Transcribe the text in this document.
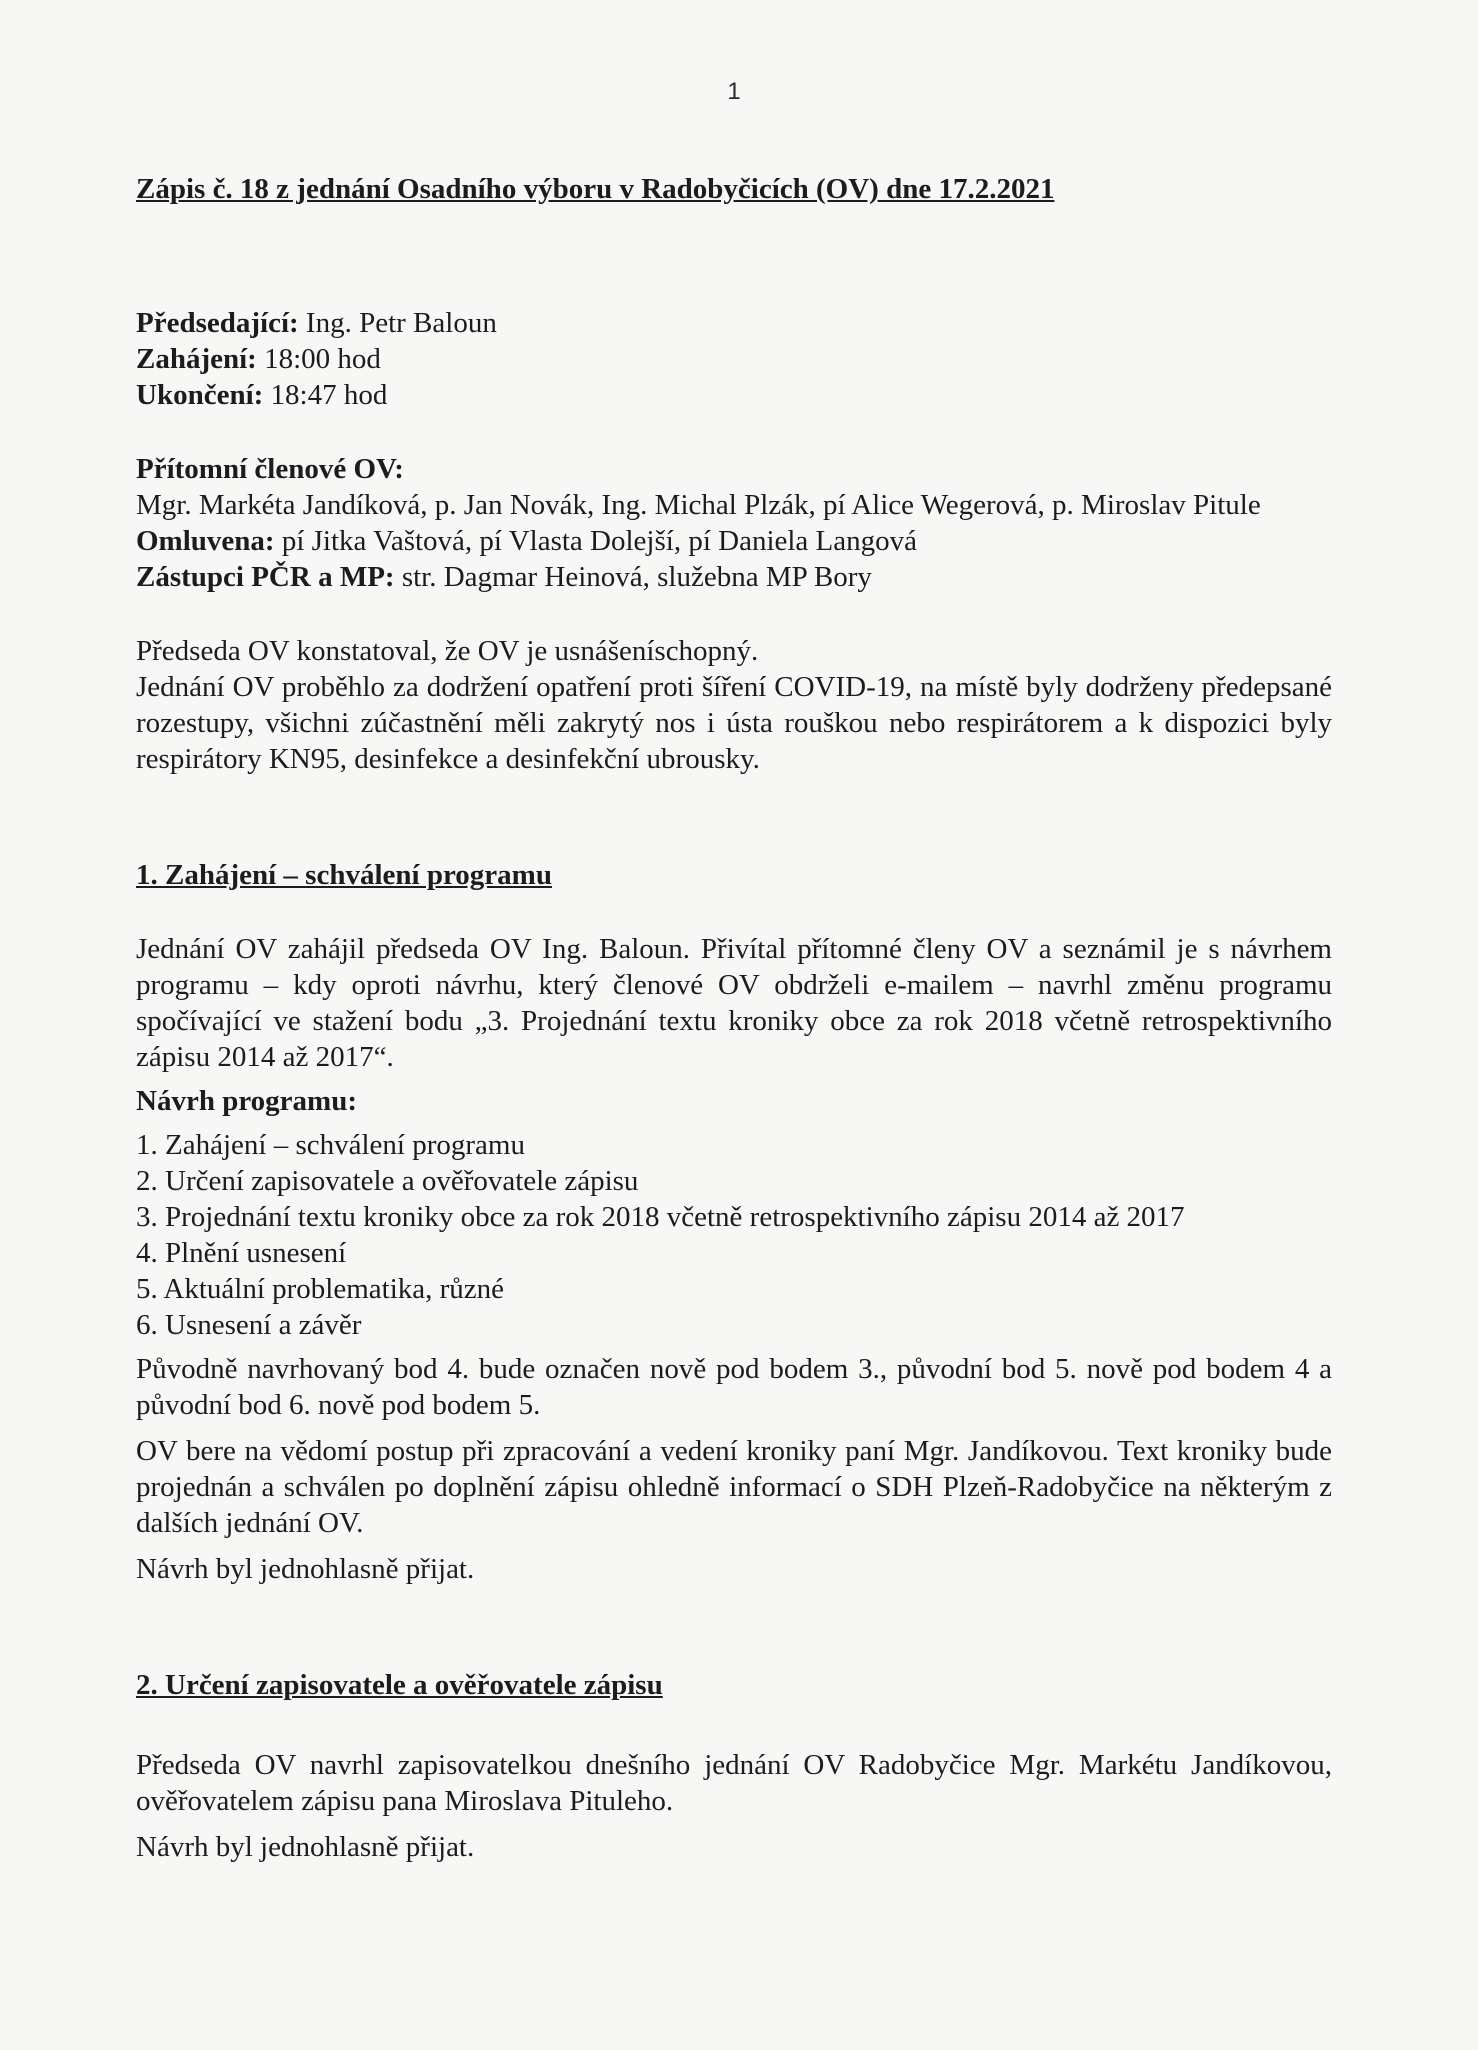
1

Zápis č. 18 z jednání Osadního výboru v Radobyčicích (OV) dne 17.2.2021

Předsedající: Ing. Petr Baloun

Zahájení: 18:00 hod

Ukončení: 18:47 hod

Přítomní členové OV:

Mgr. Markéta Jandíková, p. Jan Novák, Ing. Michal Plzák, pí Alice Wegerová, p. Miroslav Pitule

Omluvena: pí Jitka Vaštová, pí Vlasta Dolejší, pí Daniela Langová

Zástupci PČR a MP: str. Dagmar Heinová, služebna MP Bory

Předseda OV konstatoval, že OV je usnášeníschopný.

Jednání OV proběhlo za dodržení opatření proti šíření COVID-19, na místě byly dodrženy předepsané rozestupy, všichni zúčastnění měli zakrytý nos i ústa rouškou nebo respirátorem a k dispozici byly respirátory KN95, desinfekce a desinfekční ubrousky.

1. Zahájení – schválení programu

Jednání OV zahájil předseda OV Ing. Baloun. Přivítal přítomné členy OV a seznámil je s návrhem programu – kdy oproti návrhu, který členové OV obdrželi e-mailem – navrhl změnu programu spočívající ve stažení bodu „3. Projednání textu kroniky obce za rok 2018 včetně retrospektivního zápisu 2014 až 2017“.

Návrh programu:

1. Zahájení – schválení programu
2. Určení zapisovatele a ověřovatele zápisu
3. Projednání textu kroniky obce za rok 2018 včetně retrospektivního zápisu 2014 až 2017
4. Plnění usnesení
5. Aktuální problematika, různé
6. Usnesení a závěr

Původně navrhovaný bod 4. bude označen nově pod bodem 3., původní bod 5. nově pod bodem 4 a původní bod 6. nově pod bodem 5.

OV bere na vědomí postup při zpracování a vedení kroniky paní Mgr. Jandíkovou. Text kroniky bude projednán a schválen po doplnění zápisu ohledně informací o SDH Plzeň-Radobyčice na některým z dalších jednání OV.

Návrh byl jednohlasně přijat.

2. Určení zapisovatele a ověřovatele zápisu

Předseda OV navrhl zapisovatelkou dnešního jednání OV Radobyčice Mgr. Markétu Jandíkovou, ověřovatelem zápisu pana Miroslava Pituleho.

Návrh byl jednohlasně přijat.
